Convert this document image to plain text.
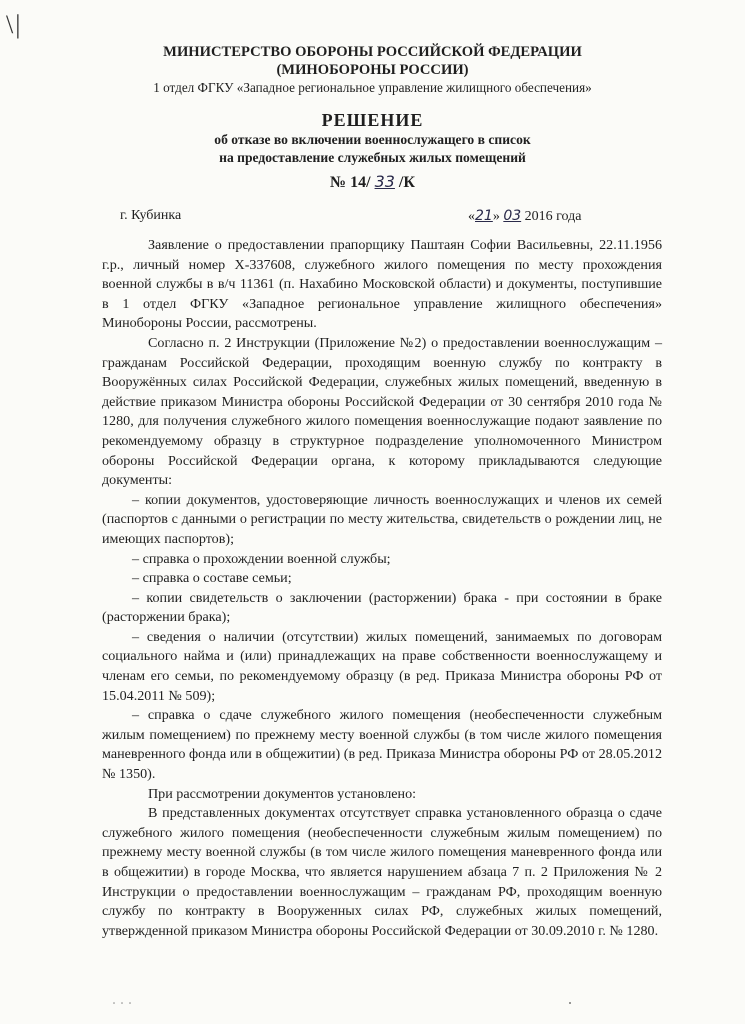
\|
МИНИСТЕРСТВО ОБОРОНЫ РОССИЙСКОЙ ФЕДЕРАЦИИ
(МИНОБОРОНЫ РОССИИ)
1 отдел ФГКУ «Западное региональное управление жилищного обеспечения»
РЕШЕНИЕ
об отказе во включении военнослужащего в список
на предоставление служебных жилых помещений
№ 14/ 33 /К
г. Кубинка	«21» 03 2016 года

Заявление о предоставлении прапорщику Паштаян Софии Васильевны, 22.11.1956 г.р., личный номер Х-337608, служебного жилого помещения по месту прохождения военной службы в в/ч 11361 (п. Нахабино Московской области) и документы, поступившие в 1 отдел ФГКУ «Западное региональное управление жилищного обеспечения» Минобороны России, рассмотрены.

Согласно п. 2 Инструкции (Приложение №2) о предоставлении военнослужащим – гражданам Российской Федерации, проходящим военную службу по контракту в Вооружённых силах Российской Федерации, служебных жилых помещений, введенную в действие приказом Министра обороны Российской Федерации от 30 сентября 2010 года № 1280, для получения служебного жилого помещения военнослужащие подают заявление по рекомендуемому образцу в структурное подразделение уполномоченного Министром обороны Российской Федерации органа, к которому прикладываются следующие документы:

– копии документов, удостоверяющие личность военнослужащих и членов их семей (паспортов с данными о регистрации по месту жительства, свидетельств о рождении лиц, не имеющих паспортов);

– справка о прохождении военной службы;

– справка о составе семьи;

– копии свидетельств о заключении (расторжении) брака - при состоянии в браке (расторжении брака);

– сведения о наличии (отсутствии) жилых помещений, занимаемых по договорам социального найма и (или) принадлежащих на праве собственности военнослужащему и членам его семьи, по рекомендуемому образцу (в ред. Приказа Министра обороны РФ от 15.04.2011 № 509);

– справка о сдаче служебного жилого помещения (необеспеченности служебным жилым помещением) по прежнему месту военной службы (в том числе жилого помещения маневренного фонда или в общежитии) (в ред. Приказа Министра обороны РФ от 28.05.2012 № 1350).

При рассмотрении документов установлено:

В представленных документах отсутствует справка установленного образца о сдаче служебного жилого помещения (необеспеченности служебным жилым помещением) по прежнему месту военной службы (в том числе жилого помещения маневренного фонда или в общежитии) в городе Москва, что является нарушением абзаца 7 п. 2 Приложения № 2 Инструкции о предоставлении военнослужащим – гражданам РФ, проходящим военную службу по контракту в Вооруженных силах РФ, служебных жилых помещений, утвержденной приказом Министра обороны Российской Федерации от 30.09.2010 г. № 1280.
